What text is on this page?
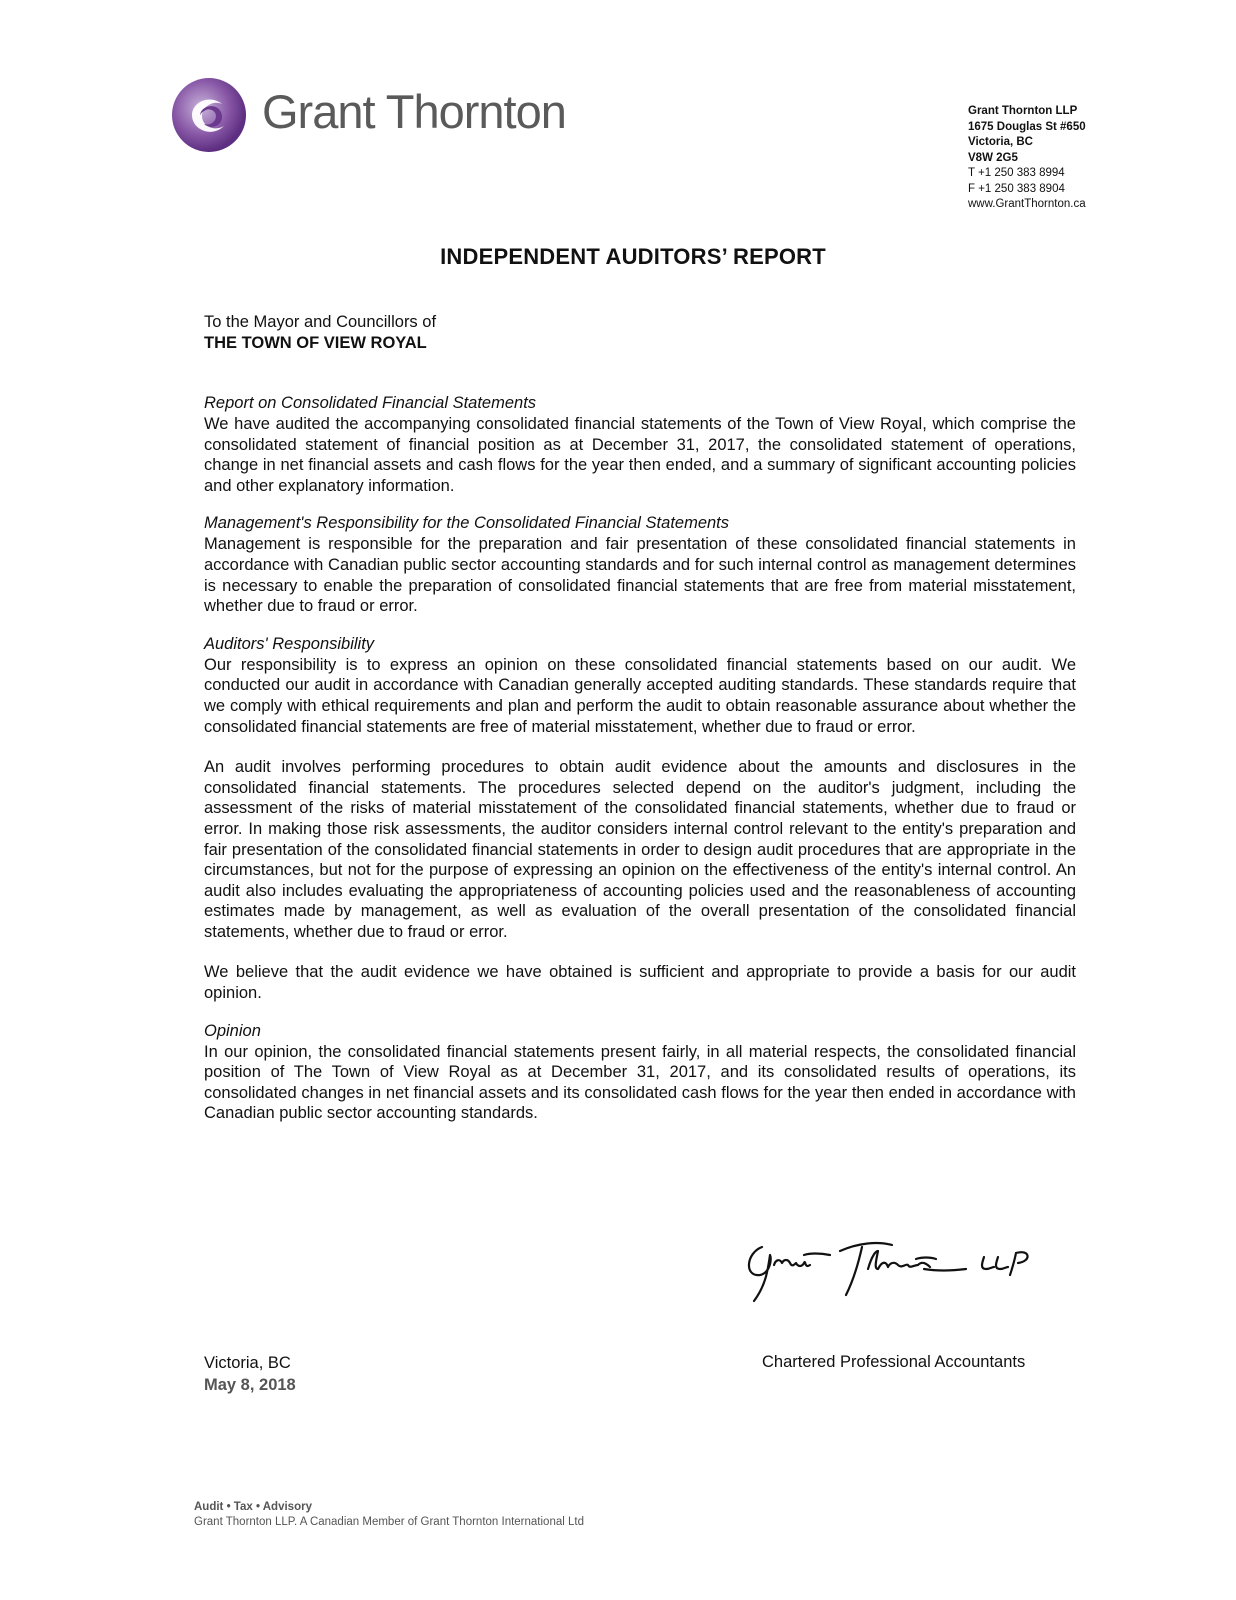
Grant Thornton	Grant Thornton LLP
1675 Douglas St #650
Victoria, BC
V8W 2G5
T +1 250 383 8994
F +1 250 383 8904
www.GrantThornton.ca
INDEPENDENT AUDITORS’ REPORT
To the Mayor and Councillors of
THE TOWN OF VIEW ROYAL
Report on Consolidated Financial Statements

We have audited the accompanying consolidated financial statements of the Town of View Royal, which comprise the consolidated statement of financial position as at December 31, 2017, the consolidated statement of operations, change in net financial assets and cash flows for the year then ended, and a summary of significant accounting policies and other explanatory information.

Management's Responsibility for the Consolidated Financial Statements

Management is responsible for the preparation and fair presentation of these consolidated financial statements in accordance with Canadian public sector accounting standards and for such internal control as management determines is necessary to enable the preparation of consolidated financial statements that are free from material misstatement, whether due to fraud or error.

Auditors' Responsibility

Our responsibility is to express an opinion on these consolidated financial statements based on our audit. We conducted our audit in accordance with Canadian generally accepted auditing standards. These standards require that we comply with ethical requirements and plan and perform the audit to obtain reasonable assurance about whether the consolidated financial statements are free of material misstatement, whether due to fraud or error.

An audit involves performing procedures to obtain audit evidence about the amounts and disclosures in the consolidated financial statements. The procedures selected depend on the auditor's judgment, including the assessment of the risks of material misstatement of the consolidated financial statements, whether due to fraud or error. In making those risk assessments, the auditor considers internal control relevant to the entity's preparation and fair presentation of the consolidated financial statements in order to design audit procedures that are appropriate in the circumstances, but not for the purpose of expressing an opinion on the effectiveness of the entity's internal control. An audit also includes evaluating the appropriateness of accounting policies used and the reasonableness of accounting estimates made by management, as well as evaluation of the overall presentation of the consolidated financial statements, whether due to fraud or error.

We believe that the audit evidence we have obtained is sufficient and appropriate to provide a basis for our audit opinion.

Opinion

In our opinion, the consolidated financial statements present fairly, in all material respects, the consolidated financial position of The Town of View Royal as at December 31, 2017, and its consolidated results of operations, its consolidated changes in net financial assets and its consolidated cash flows for the year then ended in accordance with Canadian public sector accounting standards.

Victoria, BC
May 8, 2018
Chartered Professional Accountants
Audit • Tax • Advisory
Grant Thornton LLP. A Canadian Member of Grant Thornton International Ltd
